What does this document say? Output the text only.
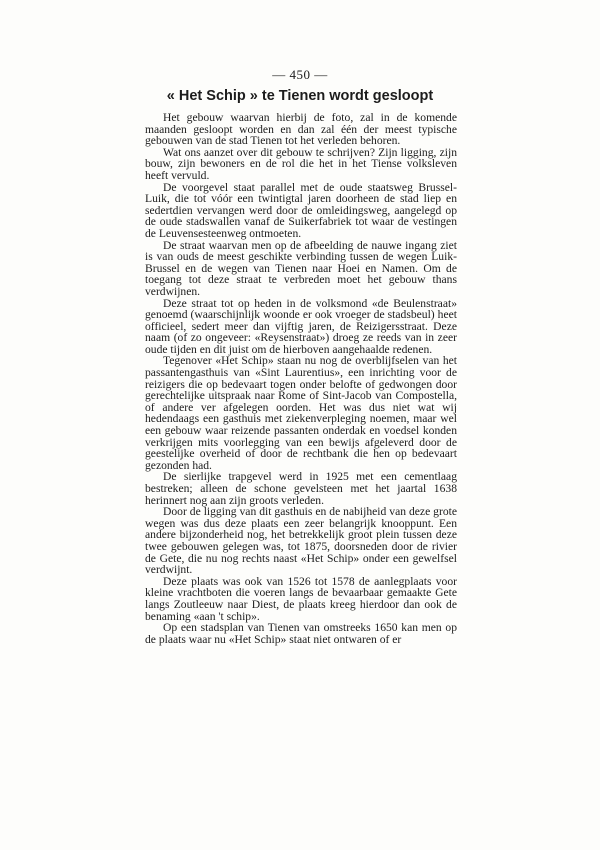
— 450 —
« Het Schip » te Tienen wordt gesloopt

Het gebouw waarvan hierbij de foto, zal in de komende maanden gesloopt worden en dan zal één der meest typische gebouwen van de stad Tienen tot het verleden behoren.

Wat ons aanzet over dit gebouw te schrijven? Zijn ligging, zijn bouw, zijn bewoners en de rol die het in het Tiense volksleven heeft vervuld.

De voorgevel staat parallel met de oude staatsweg Brussel-Luik, die tot vóór een twintigtal jaren doorheen de stad liep en sedertdien vervangen werd door de omleidingsweg, aangelegd op de oude stadswallen vanaf de Suikerfabriek tot waar de vestingen de Leuvensesteenweg ontmoeten.

De straat waarvan men op de afbeelding de nauwe ingang ziet is van ouds de meest geschikte verbinding tussen de wegen Luik-Brussel en de wegen van Tienen naar Hoei en Namen. Om de toegang tot deze straat te verbreden moet het gebouw thans verdwijnen.

Deze straat tot op heden in de volksmond «de Beulenstraat» genoemd (waarschijnlijk woonde er ook vroeger de stadsbeul) heet officieel, sedert meer dan vijftig jaren, de Reizigersstraat. Deze naam (of zo ongeveer: «Reysenstraat») droeg ze reeds van in zeer oude tijden en dit juist om de hierboven aangehaalde redenen.

Tegenover «Het Schip» staan nu nog de overblijfselen van het passantengasthuis van «Sint Laurentius», een inrichting voor de reizigers die op bedevaart togen onder belofte of gedwongen door gerechtelijke uitspraak naar Rome of Sint-Jacob van Compostella, of andere ver afgelegen oorden. Het was dus niet wat wij hedendaags een gasthuis met ziekenverpleging noemen, maar wel een gebouw waar reizende passanten onderdak en voedsel konden verkrijgen mits voorlegging van een bewijs afgeleverd door de geestelijke overheid of door de rechtbank die hen op bedevaart gezonden had.

De sierlijke trapgevel werd in 1925 met een cementlaag bestreken; alleen de schone gevelsteen met het jaartal 1638 herinnert nog aan zijn groots verleden.

Door de ligging van dit gasthuis en de nabijheid van deze grote wegen was dus deze plaats een zeer belangrijk knooppunt. Een andere bijzonderheid nog, het betrekkelijk groot plein tussen deze twee gebouwen gelegen was, tot 1875, doorsneden door de rivier de Gete, die nu nog rechts naast «Het Schip» onder een gewelfsel verdwijnt.

Deze plaats was ook van 1526 tot 1578 de aanlegplaats voor kleine vrachtboten die voeren langs de bevaarbaar gemaakte Gete langs Zoutleeuw naar Diest, de plaats kreeg hierdoor dan ook de benaming «aan 't schip».

Op een stadsplan van Tienen van omstreeks 1650 kan men op de plaats waar nu «Het Schip» staat niet ontwaren of er
